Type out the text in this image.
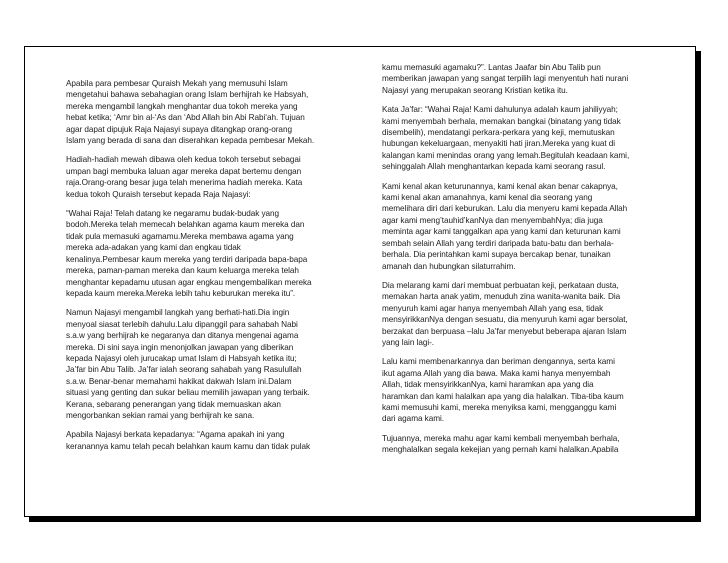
Apabila para pembesar Quraish Mekah yang memusuhi Islam
mengetahui bahawa sebahagian orang Islam berhijrah ke Habsyah,
mereka mengambil langkah menghantar dua tokoh mereka yang
hebat ketika; ‘Amr bin al-‘As dan ‘Abd Allah bin Abi Rabi‘ah. Tujuan
agar dapat dipujuk Raja Najasyi supaya ditangkap orang-orang
Islam yang berada di sana dan diserahkan kepada pembesar Mekah.

Hadiah-hadiah mewah dibawa oleh kedua tokoh tersebut sebagai
umpan bagi membuka laluan agar mereka dapat bertemu dengan
raja.Orang-orang besar juga telah menerima hadiah mereka. Kata
kedua tokoh Quraish tersebut kepada Raja Najasyi:

“Wahai Raja! Telah datang ke negaramu budak-budak yang
bodoh.Mereka telah memecah belahkan agama kaum mereka dan
tidak pula memasuki agamamu.Mereka membawa agama yang
mereka ada-adakan yang kami dan engkau tidak
kenalinya.Pembesar kaum mereka yang terdiri daripada bapa-bapa
mereka, paman-paman mereka dan kaum keluarga mereka telah
menghantar kepadamu utusan agar engkau mengembalikan mereka
kepada kaum mereka.Mereka lebih tahu keburukan mereka itu”.

Namun Najasyi mengambil langkah yang berhati-hati.Dia ingin
menyoal siasat terlebih dahulu.Lalu dipanggil para sahabah Nabi
s.a.w yang berhijrah ke negaranya dan ditanya mengenai agama
mereka. Di sini saya ingin menonjolkan jawapan yang diberikan
kepada Najasyi oleh jurucakap umat Islam di Habsyah ketika itu;
Ja’far bin Abu Talib. Ja’far ialah seorang sahabah yang Rasulullah
s.a.w. Benar-benar memahami hakikat dakwah Islam ini.Dalam
situasi yang genting dan sukar beliau memilih jawapan yang terbaik.
Kerana, sebarang penerangan yang tidak memuaskan akan
mengorbankan sekian ramai yang berhijrah ke sana.

Apabila Najasyi berkata kepadanya: “Agama apakah ini yang
keranannya kamu telah pecah belahkan kaum kamu dan tidak pulak

kamu memasuki agamaku?”. Lantas Jaafar bin Abu Talib pun
memberikan jawapan yang sangat terpilih lagi menyentuh hati nurani
Najasyi yang merupakan seorang Kristian ketika itu.

Kata Ja’far: “Wahai Raja! Kami dahulunya adalah kaum jahiliyyah;
kami menyembah berhala, memakan bangkai (binatang yang tidak
disembelih), mendatangi perkara-perkara yang keji, memutuskan
hubungan kekeluargaan, menyakiti hati jiran.Mereka yang kuat di
kalangan kami menindas orang yang lemah.Begitulah keadaan kami,
sehinggalah Allah menghantarkan kepada kami seorang rasul.

Kami kenal akan keturunannya, kami kenal akan benar cakapnya,
kami kenal akan amanahnya, kami kenal dia seorang yang
memelihara diri dari keburukan. Lalu dia menyeru kami kepada Allah
agar kami meng’tauhid’kanNya dan menyembahNya; dia juga
meminta agar kami tanggalkan apa yang kami dan keturunan kami
sembah selain Allah yang terdiri daripada batu-batu dan berhala-
berhala. Dia perintahkan kami supaya bercakap benar, tunaikan
amanah dan hubungkan silaturrahim.

Dia melarang kami dari membuat perbuatan keji, perkataan dusta,
memakan harta anak yatim, menuduh zina wanita-wanita baik. Dia
menyuruh kami agar hanya menyembah Allah yang esa, tidak
mensyirikkanNya dengan sesuatu, dia menyuruh kami agar bersolat,
berzakat dan berpuasa –lalu Ja’far menyebut beberapa ajaran Islam
yang lain lagi-.

Lalu kami membenarkannya dan beriman dengannya, serta kami
ikut agama Allah yang dia bawa. Maka kami hanya menyembah
Allah, tidak mensyirikkanNya, kami haramkan apa yang dia
haramkan dan kami halalkan apa yang dia halalkan. Tiba-tiba kaum
kami memusuhi kami, mereka menyiksa kami, mengganggu kami
dari agama kami.

Tujuannya, mereka mahu agar kami kembali menyembah berhala,
menghalalkan segala kekejian yang pernah kami halalkan.Apabila
